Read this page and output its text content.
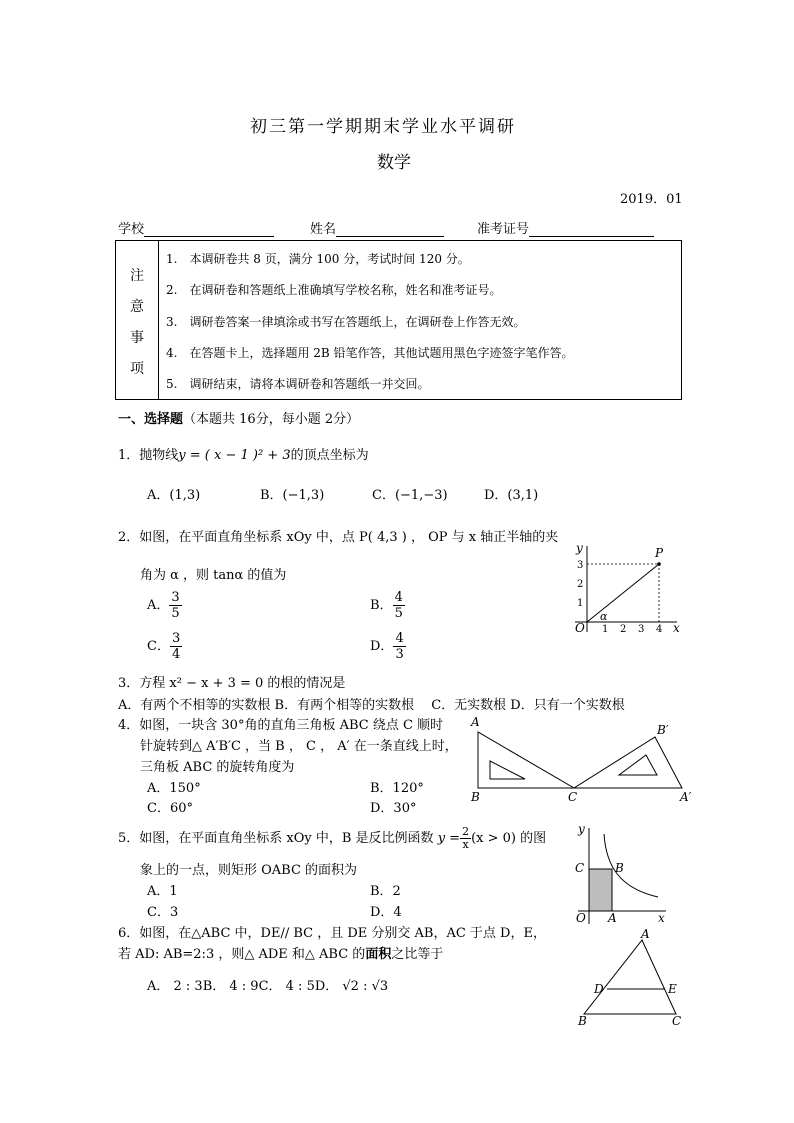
初三第一学期期末学业水平调研
数学
2019．01
学校	姓名	准考证号
注
意
事
项
1.　本调研卷共 8 页，满分 100 分，考试时间 120 分。
2.　在调研卷和答题纸上准确填写学校名称，姓名和准考证号。
3.　调研卷答案一律填涂或书写在答题纸上，在调研卷上作答无效。
4.　在答题卡上，选择题用 2B 铅笔作答，其他试题用黑色字迹签字笔作答。
5.　调研结束，请将本调研卷和答题纸一并交回。
一、选择题（本题共 16分，每小题 2分）
1．抛物线y = ( x − 1 )² + 3的顶点坐标为
A．(1,3)	B．(−1,3)	C．(−1,−3)	D．(3,1)
2．如图，在平面直角坐标系 xOy 中，点 P( 4,3 ) ， OP 与 x 轴正半轴的夹
角为 α ，则 tanα 的值为
A． $\frac{3}{5}$	B． $\frac{4}{5}$
C． $\frac{3}{4}$	D． $\frac{4}{3}$
y
x
O
P
α
3
2
1
1 2 3 4
3．方程 x² − x + 3 = 0 的根的情况是
A．有两个不相等的实数根 B．有两个相等的实数根　 C．无实数根 D．只有一个实数根
4．如图，一块含 30°角的直角三角板 ABC 绕点 C 顺时
针旋转到△ A′B′C ，当 B ， C ， A′ 在一条直线上时，
三角板 ABC 的旋转角度为
A．150°	B．120°
C．60°	D．30°
A
B	C
B′
A′
5．如图，在平面直角坐标系 xOy 中，B 是反比例函数 $y = \frac{2}{x} (x > 0)$ 的图
象上的一点，则矩形 OABC 的面积为
A．1	B．2
C．3	D．4
y
x
O A
B
C
6．如图，在△ABC 中，DE// BC ，且 DE 分别交 AB，AC 于点 D，E，
若 AD: AB=2:3 ，则△ ADE 和△ ABC 的面积之比等于
A． 2 : 3B． 4 : 9C． 4 : 5D． √2 : √3
A
B	C
D	E
